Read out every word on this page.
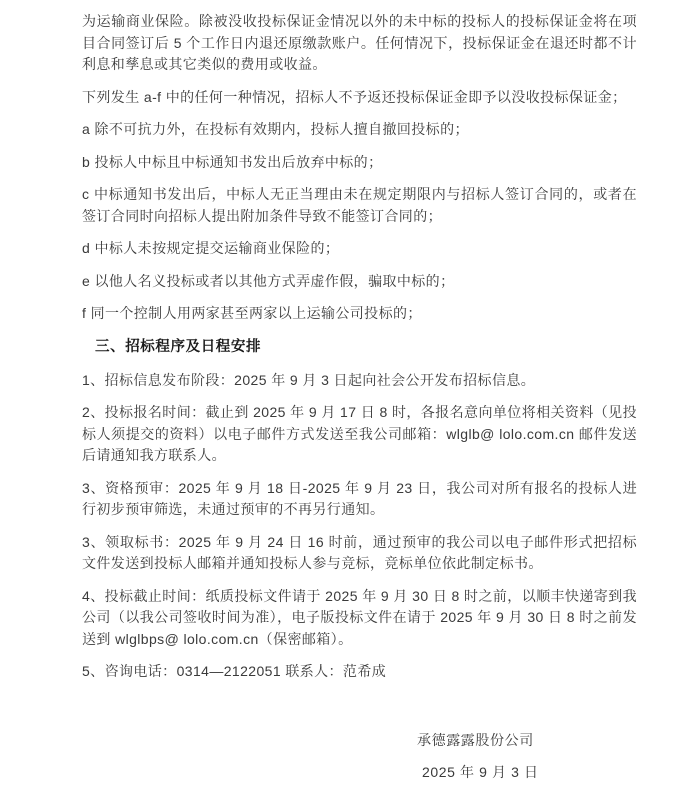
为运输商业保险。除被没收投标保证金情况以外的未中标的投标人的投标保证金将在项目合同签订后 5 个工作日内退还原缴款账户。任何情况下，投标保证金在退还时都不计利息和孳息或其它类似的费用或收益。

下列发生 a-f 中的任何一种情况，招标人不予返还投标保证金即予以没收投标保证金；

a 除不可抗力外，在投标有效期内，投标人擅自撤回投标的；

b 投标人中标且中标通知书发出后放弃中标的；

c 中标通知书发出后，中标人无正当理由未在规定期限内与招标人签订合同的，或者在签订合同时向招标人提出附加条件导致不能签订合同的；

d 中标人未按规定提交运输商业保险的；

e 以他人名义投标或者以其他方式弄虚作假，骗取中标的；

f 同一个控制人用两家甚至两家以上运输公司投标的；

三、招标程序及日程安排

1、招标信息发布阶段：2025 年 9 月 3 日起向社会公开发布招标信息。

2、投标报名时间：截止到 2025 年 9 月 17 日 8 时，各报名意向单位将相关资料（见投标人须提交的资料）以电子邮件方式发送至我公司邮箱：wlglb@ lolo.com.cn 邮件发送后请通知我方联系人。

3、资格预审：2025 年 9 月 18 日-2025 年 9 月 23 日，我公司对所有报名的投标人进行初步预审筛选，未通过预审的不再另行通知。

3、领取标书：2025 年 9 月 24 日 16 时前，通过预审的我公司以电子邮件形式把招标文件发送到投标人邮箱并通知投标人参与竞标，竞标单位依此制定标书。

4、投标截止时间：纸质投标文件请于 2025 年 9 月 30 日 8 时之前，以顺丰快递寄到我公司（以我公司签收时间为准），电子版投标文件在请于 2025 年 9 月 30 日 8 时之前发送到 wlglbps@ lolo.com.cn（保密邮箱）。

5、咨询电话：0314—2122051 联系人：范希成

承德露露股份公司

2025 年 9 月 3 日
